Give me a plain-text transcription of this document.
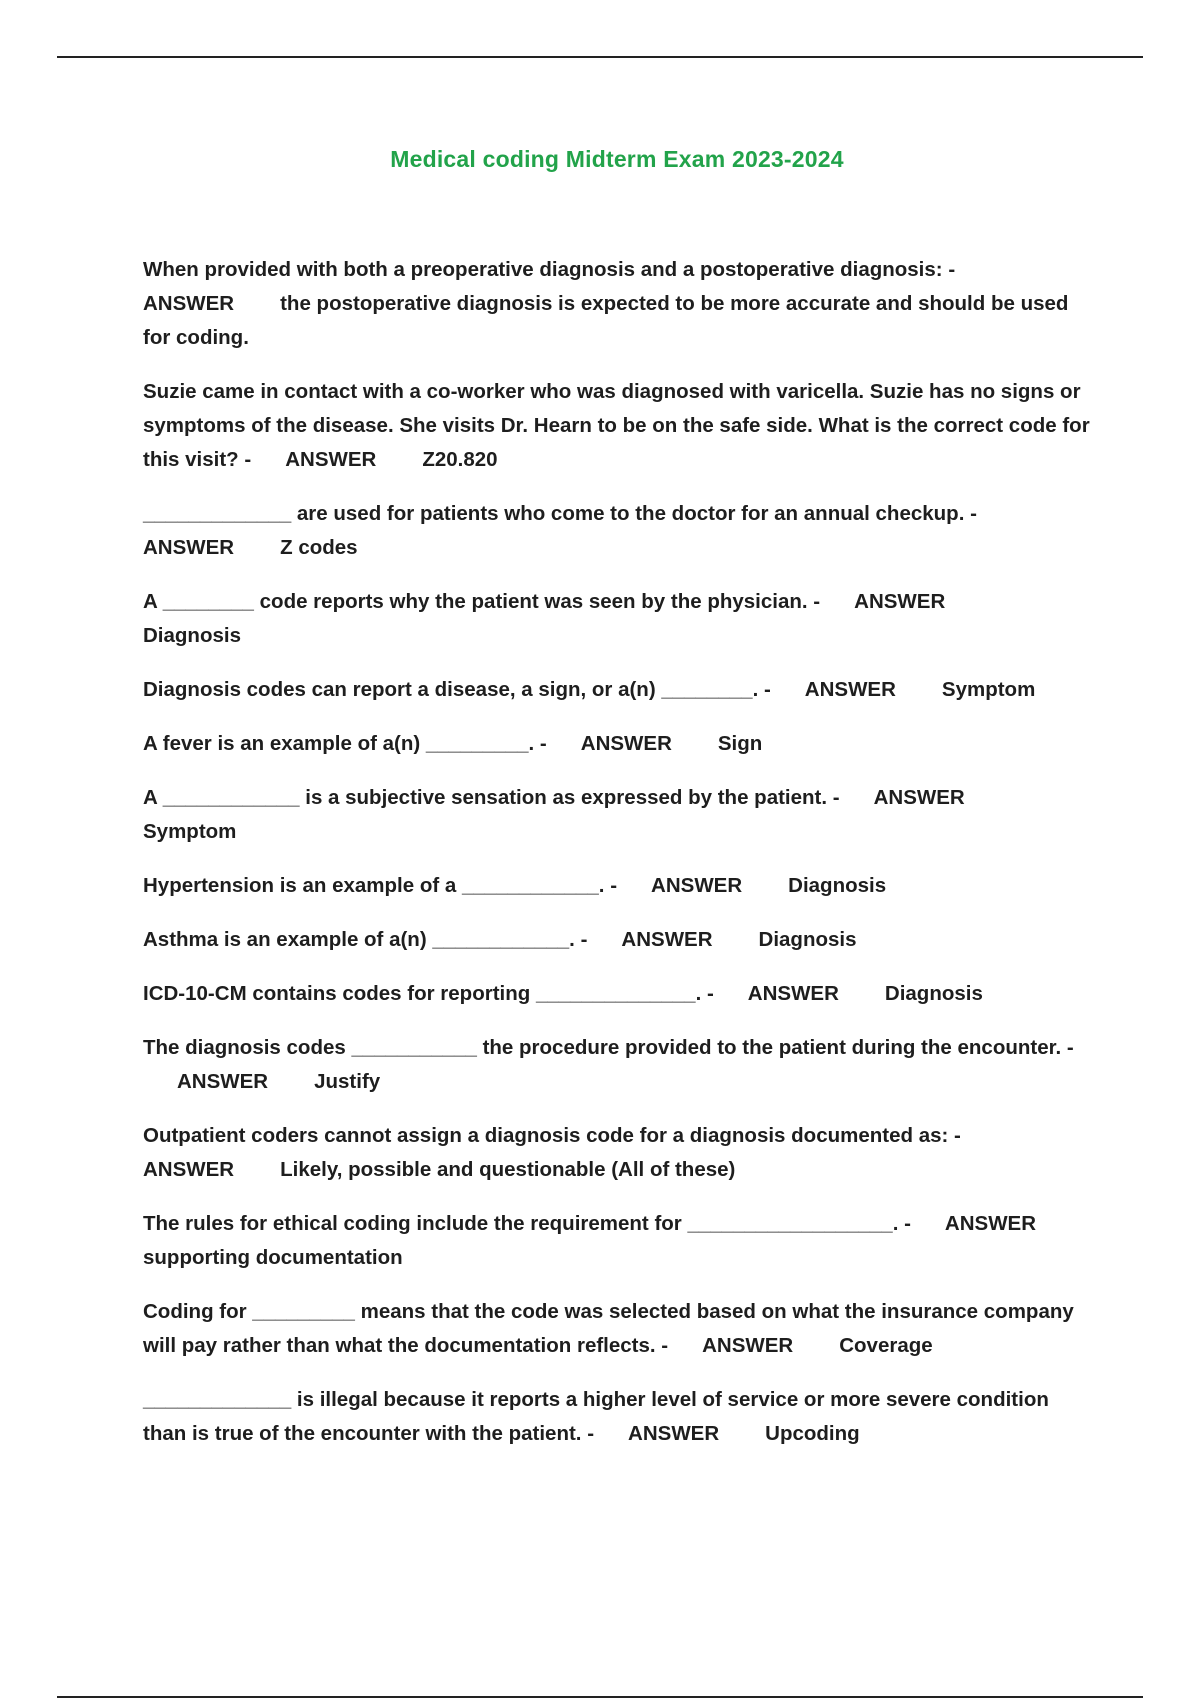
Medical coding Midterm Exam 2023-2024
When provided with both a preoperative diagnosis and a postoperative diagnosis: -
ANSWER the postoperative diagnosis is expected to be more accurate and should be used for coding.
Suzie came in contact with a co-worker who was diagnosed with varicella. Suzie has no signs or symptoms of the disease. She visits Dr. Hearn to be on the safe side. What is the correct code for this visit? - ANSWER Z20.820
_____________ are used for patients who come to the doctor for an annual checkup. -
ANSWER Z codes
A ________ code reports why the patient was seen by the physician. - ANSWER
Diagnosis
Diagnosis codes can report a disease, a sign, or a(n) ________. - ANSWER Symptom
A fever is an example of a(n) _________. - ANSWER Sign
A ____________ is a subjective sensation as expressed by the patient. - ANSWER
Symptom
Hypertension is an example of a ____________. - ANSWER Diagnosis
Asthma is an example of a(n) ____________. - ANSWER Diagnosis
ICD-10-CM contains codes for reporting ______________. - ANSWER Diagnosis
The diagnosis codes ___________ the procedure provided to the patient during the encounter. -ANSWER Justify
Outpatient coders cannot assign a diagnosis code for a diagnosis documented as: -
ANSWER Likely, possible and questionable (All of these)
The rules for ethical coding include the requirement for __________________. - ANSWER
supporting documentation
Coding for _________ means that the code was selected based on what the insurance company will pay rather than what the documentation reflects. - ANSWER Coverage
_____________ is illegal because it reports a higher level of service or more severe condition than is true of the encounter with the patient. - ANSWER Upcoding
